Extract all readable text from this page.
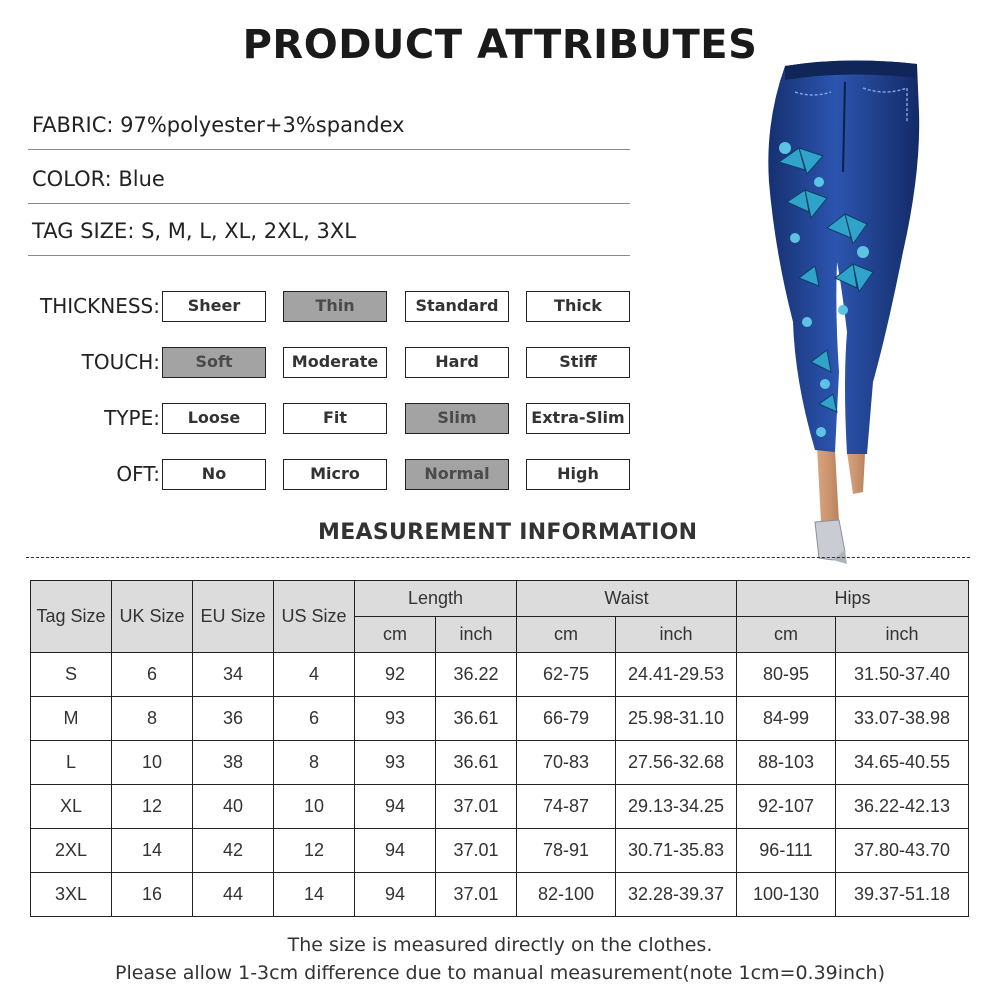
PRODUCT ATTRIBUTES
FABRIC: 97%polyester+3%spandex
COLOR: Blue
TAG SIZE: S, M, L, XL, 2XL, 3XL
THICKNESS:	Sheer	Thin	Standard	Thick
TOUCH:	Soft	Moderate	Hard	Stiff
TYPE:	Loose	Fit	Slim	Extra-Slim
OFT:	No	Micro	Normal	High
MEASUREMENT INFORMATION
Tag Size	UK Size	EU Size	US Size	Length		Waist		Hips	
				cm	inch	cm	inch	cm	inch
S	6	34	4	92	36.22	62-75	24.41-29.53	80-95	31.50-37.40
M	8	36	6	93	36.61	66-79	25.98-31.10	84-99	33.07-38.98
L	10	38	8	93	36.61	70-83	27.56-32.68	88-103	34.65-40.55
XL	12	40	10	94	37.01	74-87	29.13-34.25	92-107	36.22-42.13
2XL	14	42	12	94	37.01	78-91	30.71-35.83	96-111	37.80-43.70
3XL	16	44	14	94	37.01	82-100	32.28-39.37	100-130	39.37-51.18
The size is measured directly on the clothes.
Please allow 1-3cm difference due to manual measurement(note 1cm=0.39inch)
